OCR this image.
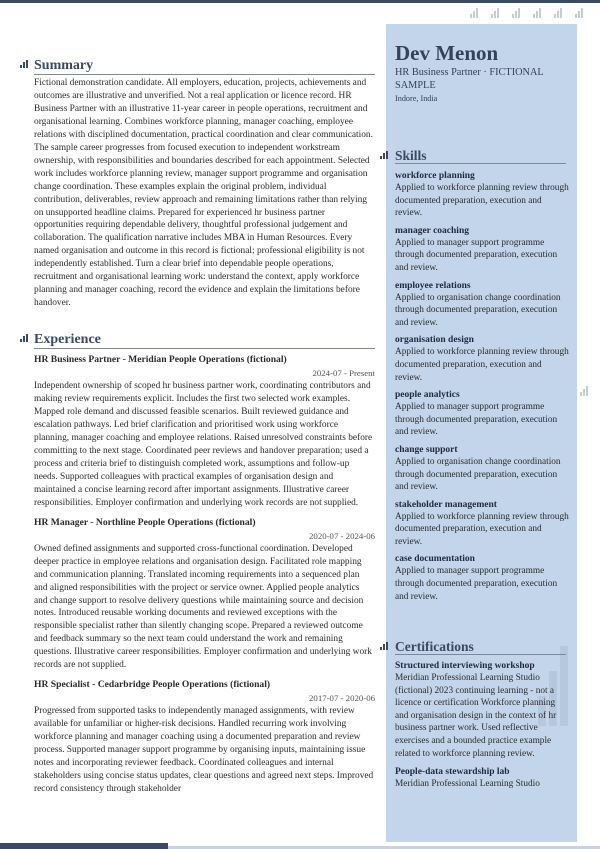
Summary
Fictional demonstration candidate. All employers, education, projects, achievements and outcomes are illustrative and unverified. Not a real application or licence record. HR Business Partner with an illustrative 11-year career in people operations, recruitment and organisational learning. Combines workforce planning, manager coaching, employee relations with disciplined documentation, practical coordination and clear communication. The sample career progresses from focused execution to independent workstream ownership, with responsibilities and boundaries described for each appointment. Selected work includes workforce planning review, manager support programme and organisation change coordination. These examples explain the original problem, individual contribution, deliverables, review approach and remaining limitations rather than relying on unsupported headline claims. Prepared for experienced hr business partner opportunities requiring dependable delivery, thoughtful professional judgement and collaboration. The qualification narrative includes MBA in Human Resources. Every named organisation and outcome in this record is fictional; professional eligibility is not independently established. Turn a clear brief into dependable people operations, recruitment and organisational learning work: understand the context, apply workforce planning and manager coaching, record the evidence and explain the limitations before handover.
Experience
HR Business Partner - Meridian People Operations (fictional)
2024-07 - Present
Independent ownership of scoped hr business partner work, coordinating contributors and making review requirements explicit. Includes the first two selected work examples. Mapped role demand and discussed feasible scenarios. Built reviewed guidance and escalation pathways. Led brief clarification and prioritised work using workforce planning, manager coaching and employee relations. Raised unresolved constraints before committing to the next stage. Coordinated peer reviews and handover preparation; used a process and criteria brief to distinguish completed work, assumptions and follow-up needs. Supported colleagues with practical examples of organisation design and maintained a concise learning record after important assignments. Illustrative career responsibilities. Employer confirmation and underlying work records are not supplied.
HR Manager - Northline People Operations (fictional)
2020-07 - 2024-06
Owned defined assignments and supported cross-functional coordination. Developed deeper practice in employee relations and organisation design. Facilitated role mapping and communication planning. Translated incoming requirements into a sequenced plan and aligned responsibilities with the project or service owner. Applied people analytics and change support to resolve delivery questions while maintaining source and decision notes. Introduced reusable working documents and reviewed exceptions with the responsible specialist rather than silently changing scope. Prepared a reviewed outcome and feedback summary so the next team could understand the work and remaining questions. Illustrative career responsibilities. Employer confirmation and underlying work records are not supplied.
HR Specialist - Cedarbridge People Operations (fictional)
2017-07 - 2020-06
Progressed from supported tasks to independently managed assignments, with review available for unfamiliar or higher-risk decisions. Handled recurring work involving workforce planning and manager coaching using a documented preparation and review process. Supported manager support programme by organising inputs, maintaining issue notes and incorporating reviewer feedback. Coordinated colleagues and internal stakeholders using concise status updates, clear questions and agreed next steps. Improved record consistency through stakeholder
Dev Menon
HR Business Partner · FICTIONAL SAMPLE
Indore, India
Skills
workforce planning
Applied to workforce planning review through documented preparation, execution and review.
manager coaching
Applied to manager support programme through documented preparation, execution and review.
employee relations
Applied to organisation change coordination through documented preparation, execution and review.
organisation design
Applied to workforce planning review through documented preparation, execution and review.
people analytics
Applied to manager support programme through documented preparation, execution and review.
change support
Applied to organisation change coordination through documented preparation, execution and review.
stakeholder management
Applied to workforce planning review through documented preparation, execution and review.
case documentation
Applied to manager support programme through documented preparation, execution and review.
Certifications
Structured interviewing workshop
Meridian Professional Learning Studio (fictional) 2023 continuing learning - not a licence or certification Workforce planning and organisation design in the context of hr business partner work. Used reflective exercises and a bounded practice example related to workforce planning review.
People-data stewardship lab
Meridian Professional Learning Studio
